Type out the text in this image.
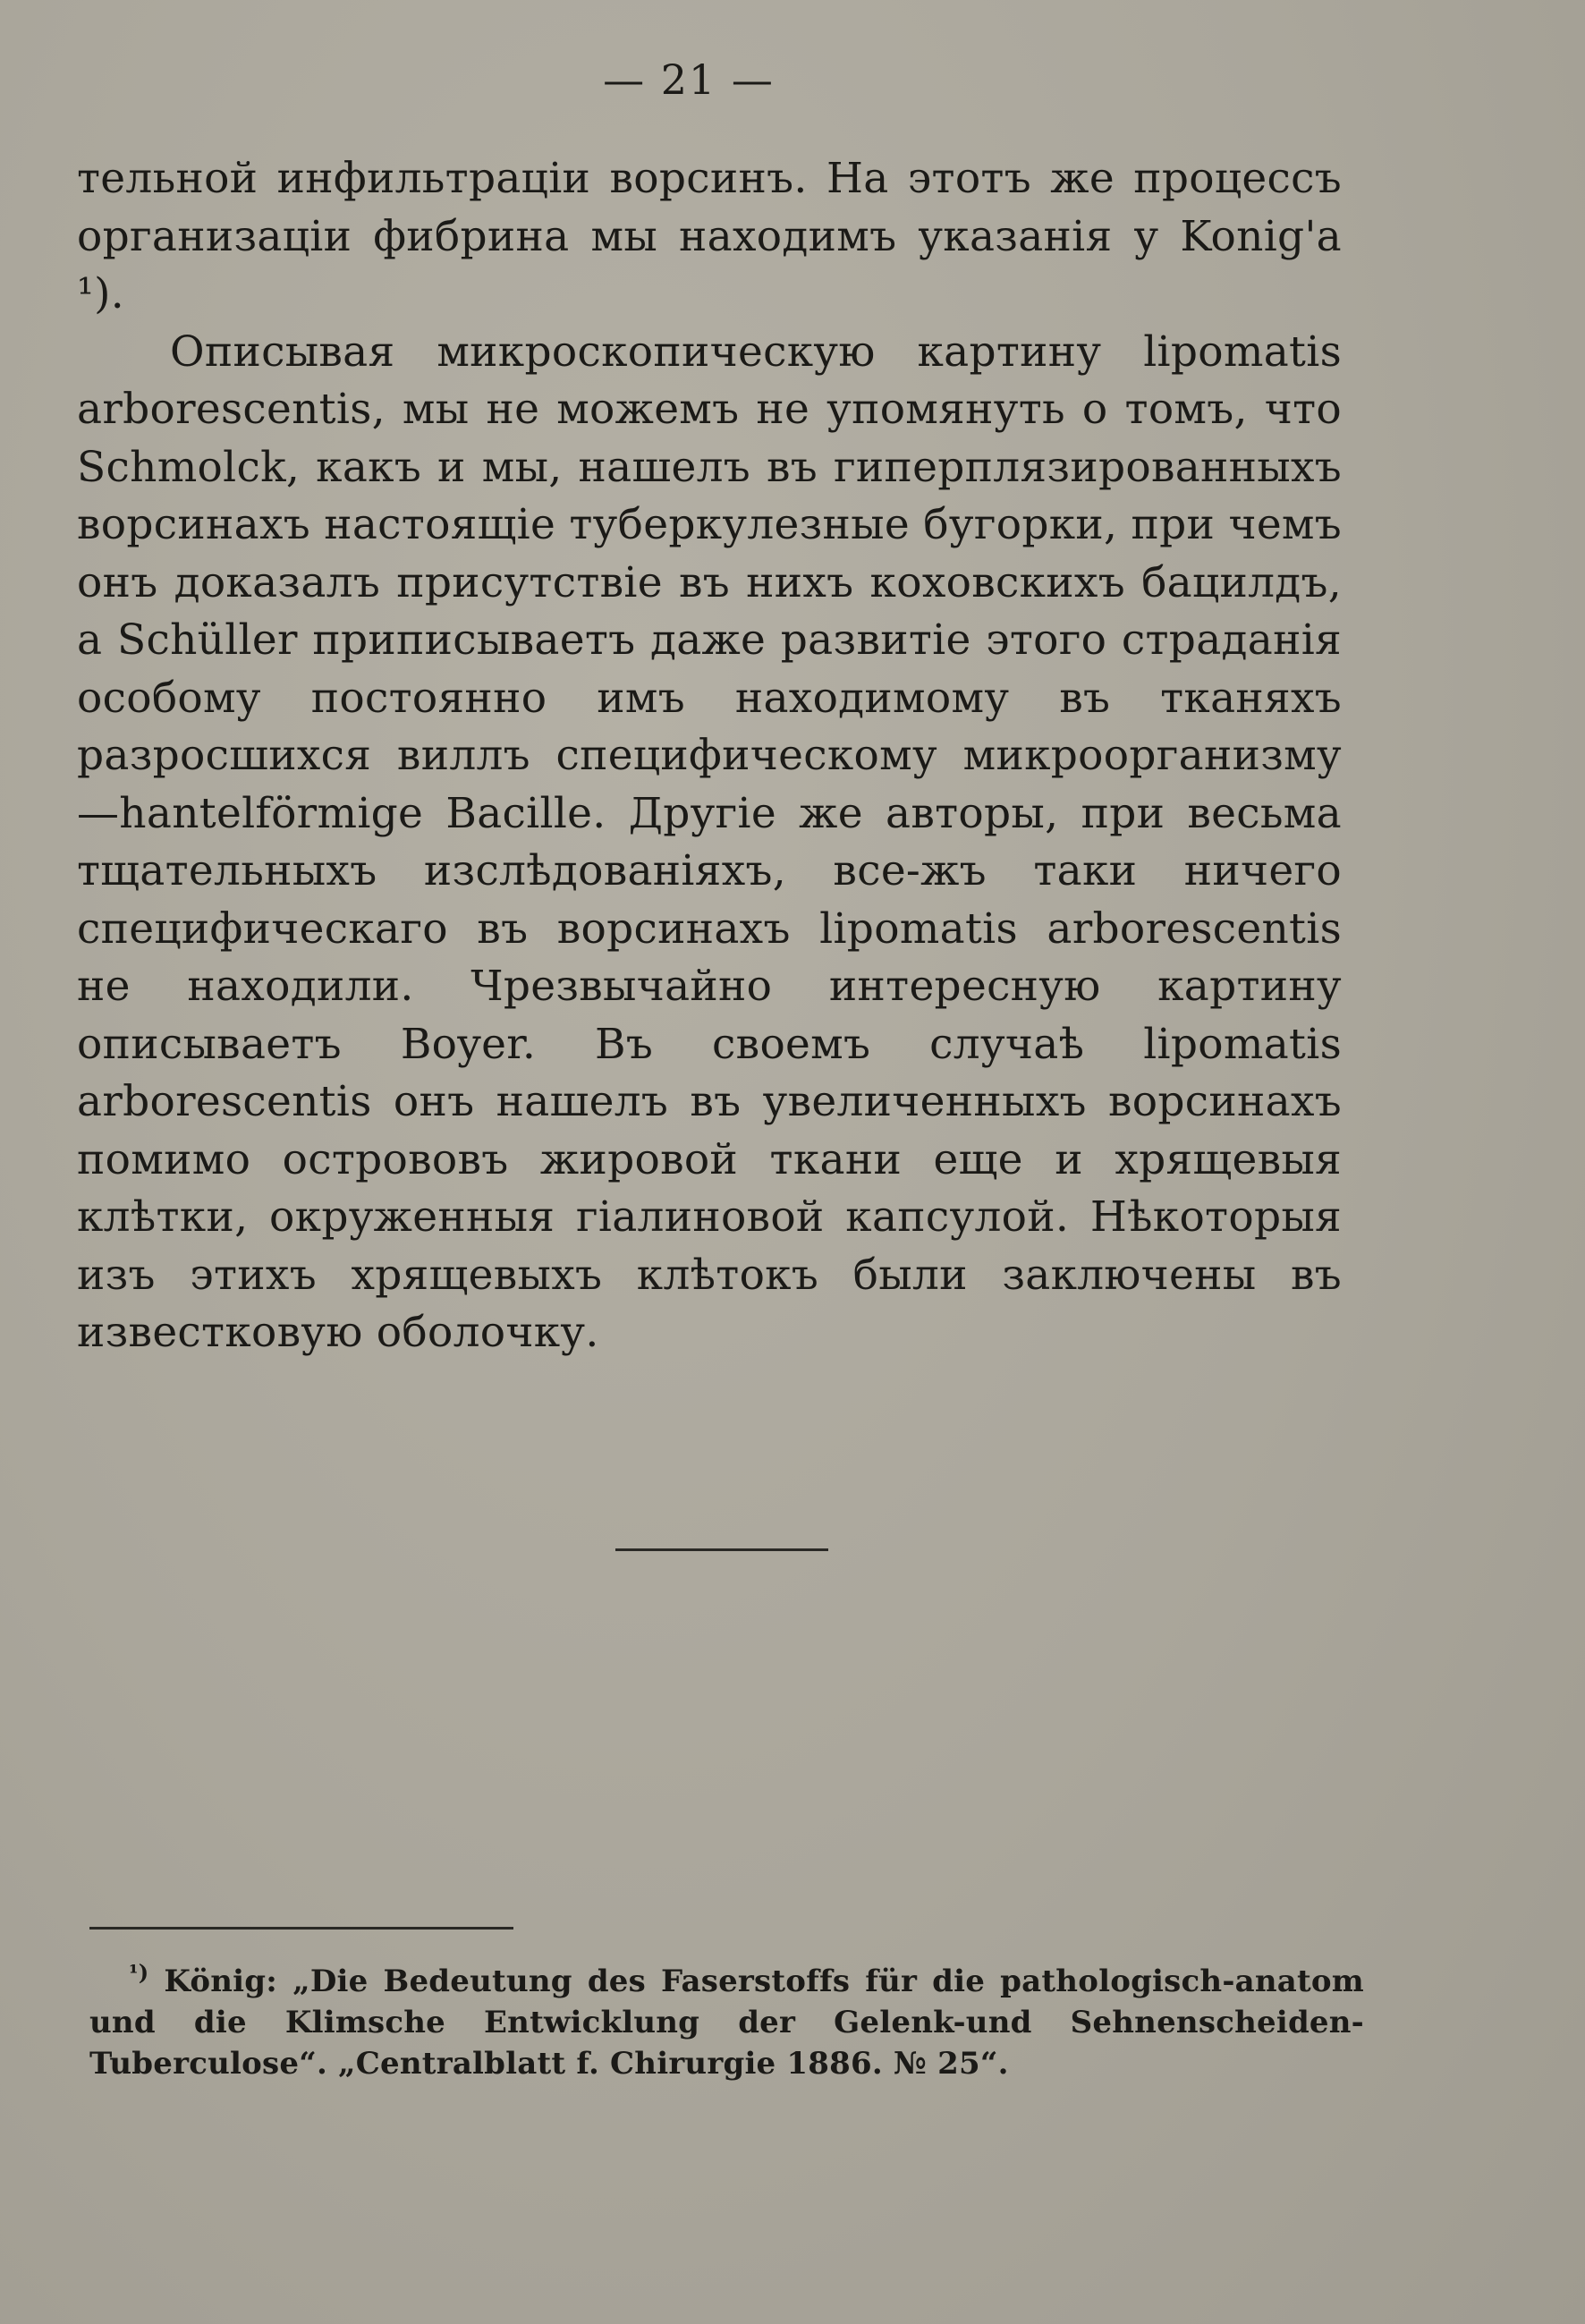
— 21 —

тельной инфильтраціи ворсинъ. На этотъ же процессъ организаціи фибрина мы находимъ указанія у Konig'a ¹).

Описывая микроскопическую картину lipomatis arborescentis, мы не можемъ не упомянуть о томъ, что Schmolck, какъ и мы, нашелъ въ гиперплязированныхъ ворсинахъ настоящіе туберкулезные бугорки, при чемъ онъ доказалъ присутствіе въ нихъ коховскихъ бацилдъ, а Schüller приписываетъ даже развитіе этого страданія особому постоянно имъ находимому въ тканяхъ разросшихся виллъ специфическому микроорганизму—hantelförmige Bacille. Другіе же авторы, при весьма тщательныхъ изслѣдованіяхъ, все-жъ таки ничего специфическаго въ ворсинахъ lipomatis arborescentis не находили. Чрезвычайно интересную картину описываетъ Boyer. Въ своемъ случаѣ lipomatis arborescentis онъ нашелъ въ увеличенныхъ ворсинахъ помимо острововъ жировой ткани еще и хрящевыя клѣтки, окруженныя гіалиновой капсулой. Нѣкоторыя изъ этихъ хрящевыхъ клѣтокъ были заключены въ известковую оболочку.

$^{^1)}$ König: „Die Bedeutung des Faserstoffs für die pathologisch-anatom und die Klimsche Entwicklung der Gelenk-und Sehnenscheiden-Tuberculose“. „Centralblatt f. Chirurgie 1886. № 25“.
